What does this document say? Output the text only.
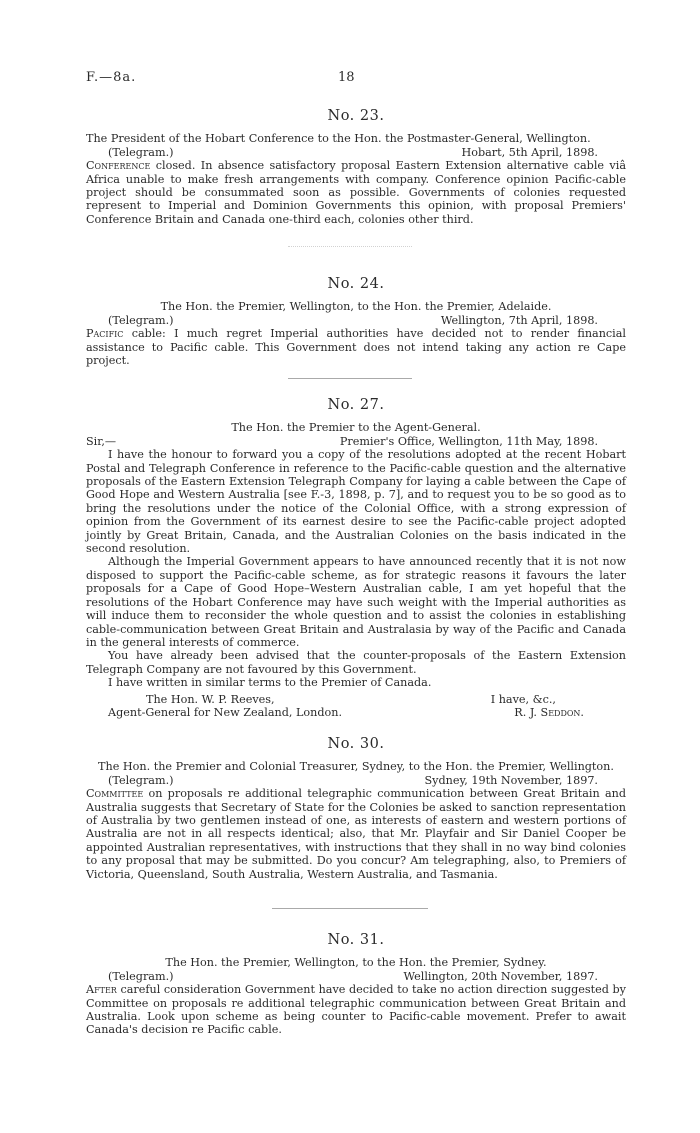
F.—8a.	18
No. 23.
The President of the Hobart Conference to the Hon. the Postmaster-General, Wellington.
(Telegram.)	Hobart, 5th April, 1898.
Conference closed. In absence satisfactory proposal Eastern Extension alternative cable viâ Africa unable to make fresh arrangements with company. Conference opinion Pacific-cable project should be consummated soon as possible. Governments of colonies requested represent to Imperial and Dominion Governments this opinion, with proposal Premiers' Conference Britain and Canada one-third each, colonies other third.
No. 24.
The Hon. the Premier, Wellington, to the Hon. the Premier, Adelaide.
(Telegram.)	Wellington, 7th April, 1898.
Pacific cable: I much regret Imperial authorities have decided not to render financial assistance to Pacific cable. This Government does not intend taking any action re Cape project.
No. 27.
The Hon. the Premier to the Agent-General.
Sir,—	Premier's Office, Wellington, 11th May, 1898.
I have the honour to forward you a copy of the resolutions adopted at the recent Hobart Postal and Telegraph Conference in reference to the Pacific-cable question and the alternative proposals of the Eastern Extension Telegraph Company for laying a cable between the Cape of Good Hope and Western Australia [see F.-3, 1898, p. 7], and to request you to be so good as to bring the resolutions under the notice of the Colonial Office, with a strong expression of opinion from the Government of its earnest desire to see the Pacific-cable project adopted jointly by Great Britain, Canada, and the Australian Colonies on the basis indicated in the second resolution.
Although the Imperial Government appears to have announced recently that it is not now disposed to support the Pacific-cable scheme, as for strategic reasons it favours the later proposals for a Cape of Good Hope–Western Australian cable, I am yet hopeful that the resolutions of the Hobart Conference may have such weight with the Imperial authorities as will induce them to reconsider the whole question and to assist the colonies in establishing cable-communication between Great Britain and Australasia by way of the Pacific and Canada in the general interests of commerce.
You have already been advised that the counter-proposals of the Eastern Extension Telegraph Company are not favoured by this Government.
I have written in similar terms to the Premier of Canada.
The Hon. W. P. Reeves,	I have, &c.,
Agent-General for New Zealand, London.	R. J. Seddon.
No. 30.
The Hon. the Premier and Colonial Treasurer, Sydney, to the Hon. the Premier, Wellington.
(Telegram.)	Sydney, 19th November, 1897.
Committee on proposals re additional telegraphic communication between Great Britain and Australia suggests that Secretary of State for the Colonies be asked to sanction representation of Australia by two gentlemen instead of one, as interests of eastern and western portions of Australia are not in all respects identical; also, that Mr. Playfair and Sir Daniel Cooper be appointed Australian representatives, with instructions that they shall in no way bind colonies to any proposal that may be submitted. Do you concur? Am telegraphing, also, to Premiers of Victoria, Queensland, South Australia, Western Australia, and Tasmania.
No. 31.
The Hon. the Premier, Wellington, to the Hon. the Premier, Sydney.
(Telegram.)	Wellington, 20th November, 1897.
After careful consideration Government have decided to take no action direction suggested by Committee on proposals re additional telegraphic communication between Great Britain and Australia. Look upon scheme as being counter to Pacific-cable movement. Prefer to await Canada's decision re Pacific cable.
